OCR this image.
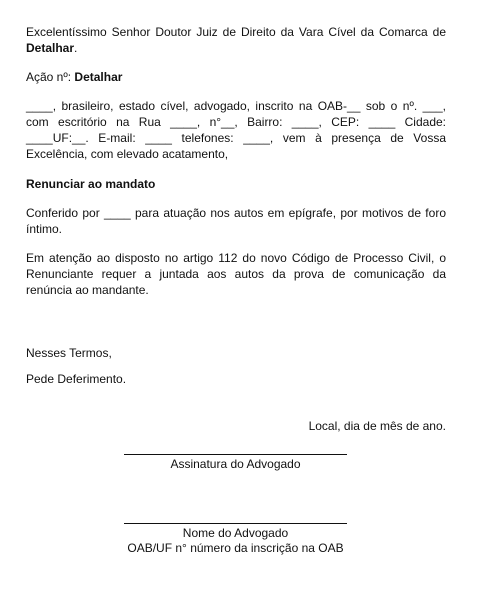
Excelentíssimo Senhor Doutor Juiz de Direito da Vara Cível da Comarca de Detalhar.

Ação nº: Detalhar

____, brasileiro, estado cível, advogado, inscrito na OAB-__ sob o nº. ___, com escritório na Rua ____, n°__, Bairro: ____, CEP: ____ Cidade: ____UF:__. E-mail: ____ telefones: ____, vem à presença de Vossa Excelência, com elevado acatamento,

Renunciar ao mandato

Conferido por ____ para atuação nos autos em epígrafe, por motivos de foro íntimo.

Em atenção ao disposto no artigo 112 do novo Código de Processo Civil, o Renunciante requer a juntada aos autos da prova de comunicação da renúncia ao mandante.

Nesses Termos,

Pede Deferimento.

Local, dia de mês de ano.

Assinatura do Advogado
Nome do Advogado
OAB/UF n° número da inscrição na OAB
